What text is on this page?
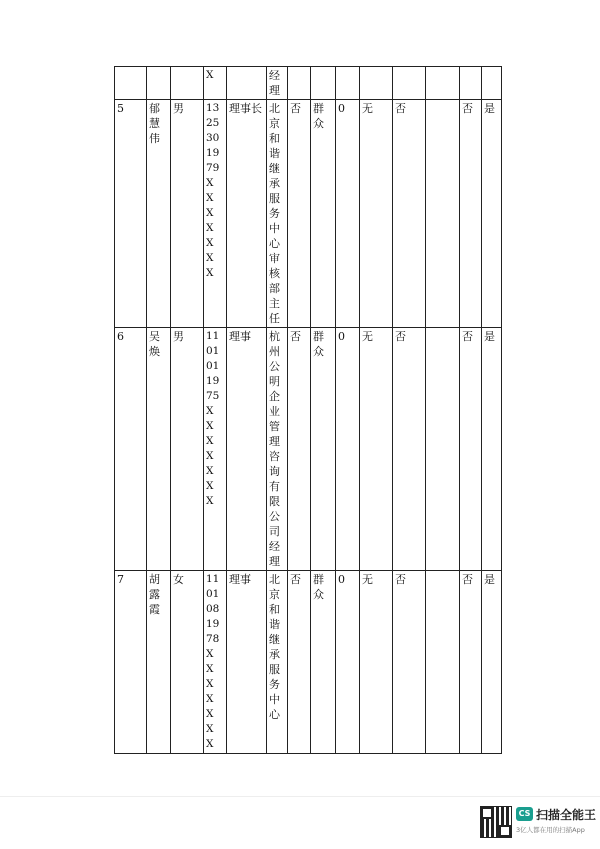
			X		经理								

5	郁慧伟	男	13253019 79XXXXXXX	理事长	北京和谐继承服务中心审核部主任	否	群众	0	无	否		否	是
6	吴焕	男	11010119 75XXXXXXX	理事	杭州公明企业管理咨询有限公司经理	否	群众	0	无	否		否	是
7	胡露霞	女	11010819 78XXXXXXX	理事	北京和谐继承服务中心	否	群众	0	无	否		否	是
CS 扫描全能王
3亿人都在用的扫描App
